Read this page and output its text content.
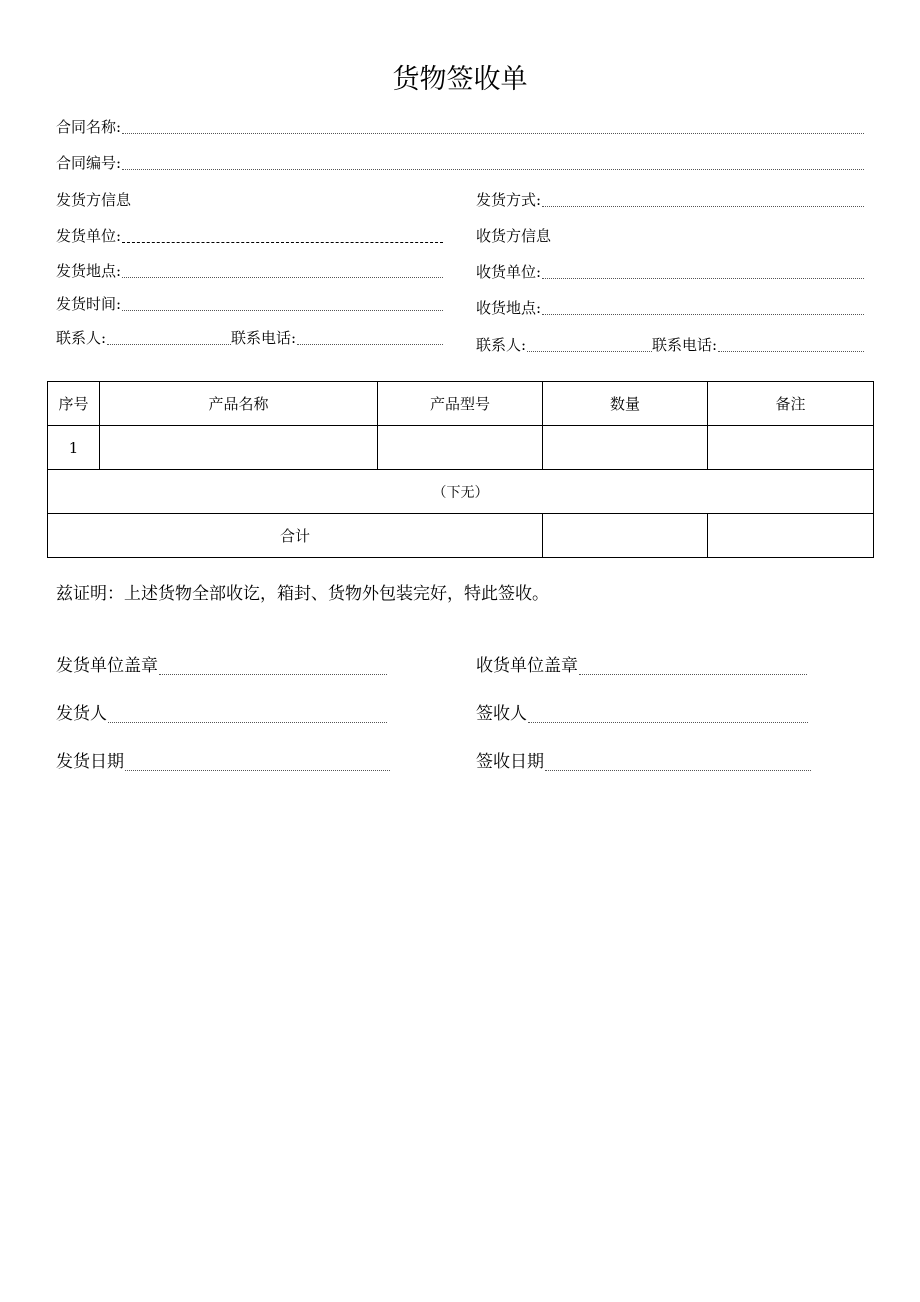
货物签收单
合同名称:
合同编号:
发货方信息
发货单位:
发货地点:
发货时间:
联系人:	联系电话:
发货方式:
收货方信息
收货单位:
收货地点:
联系人:	联系电话:
序号	产品名称	产品型号	数量	备注
1				
（下无）				
合计				
兹证明：上述货物全部收讫，箱封、货物外包装完好，特此签收。
发货单位盖章
发货人
发货日期
收货单位盖章
签收人
签收日期
